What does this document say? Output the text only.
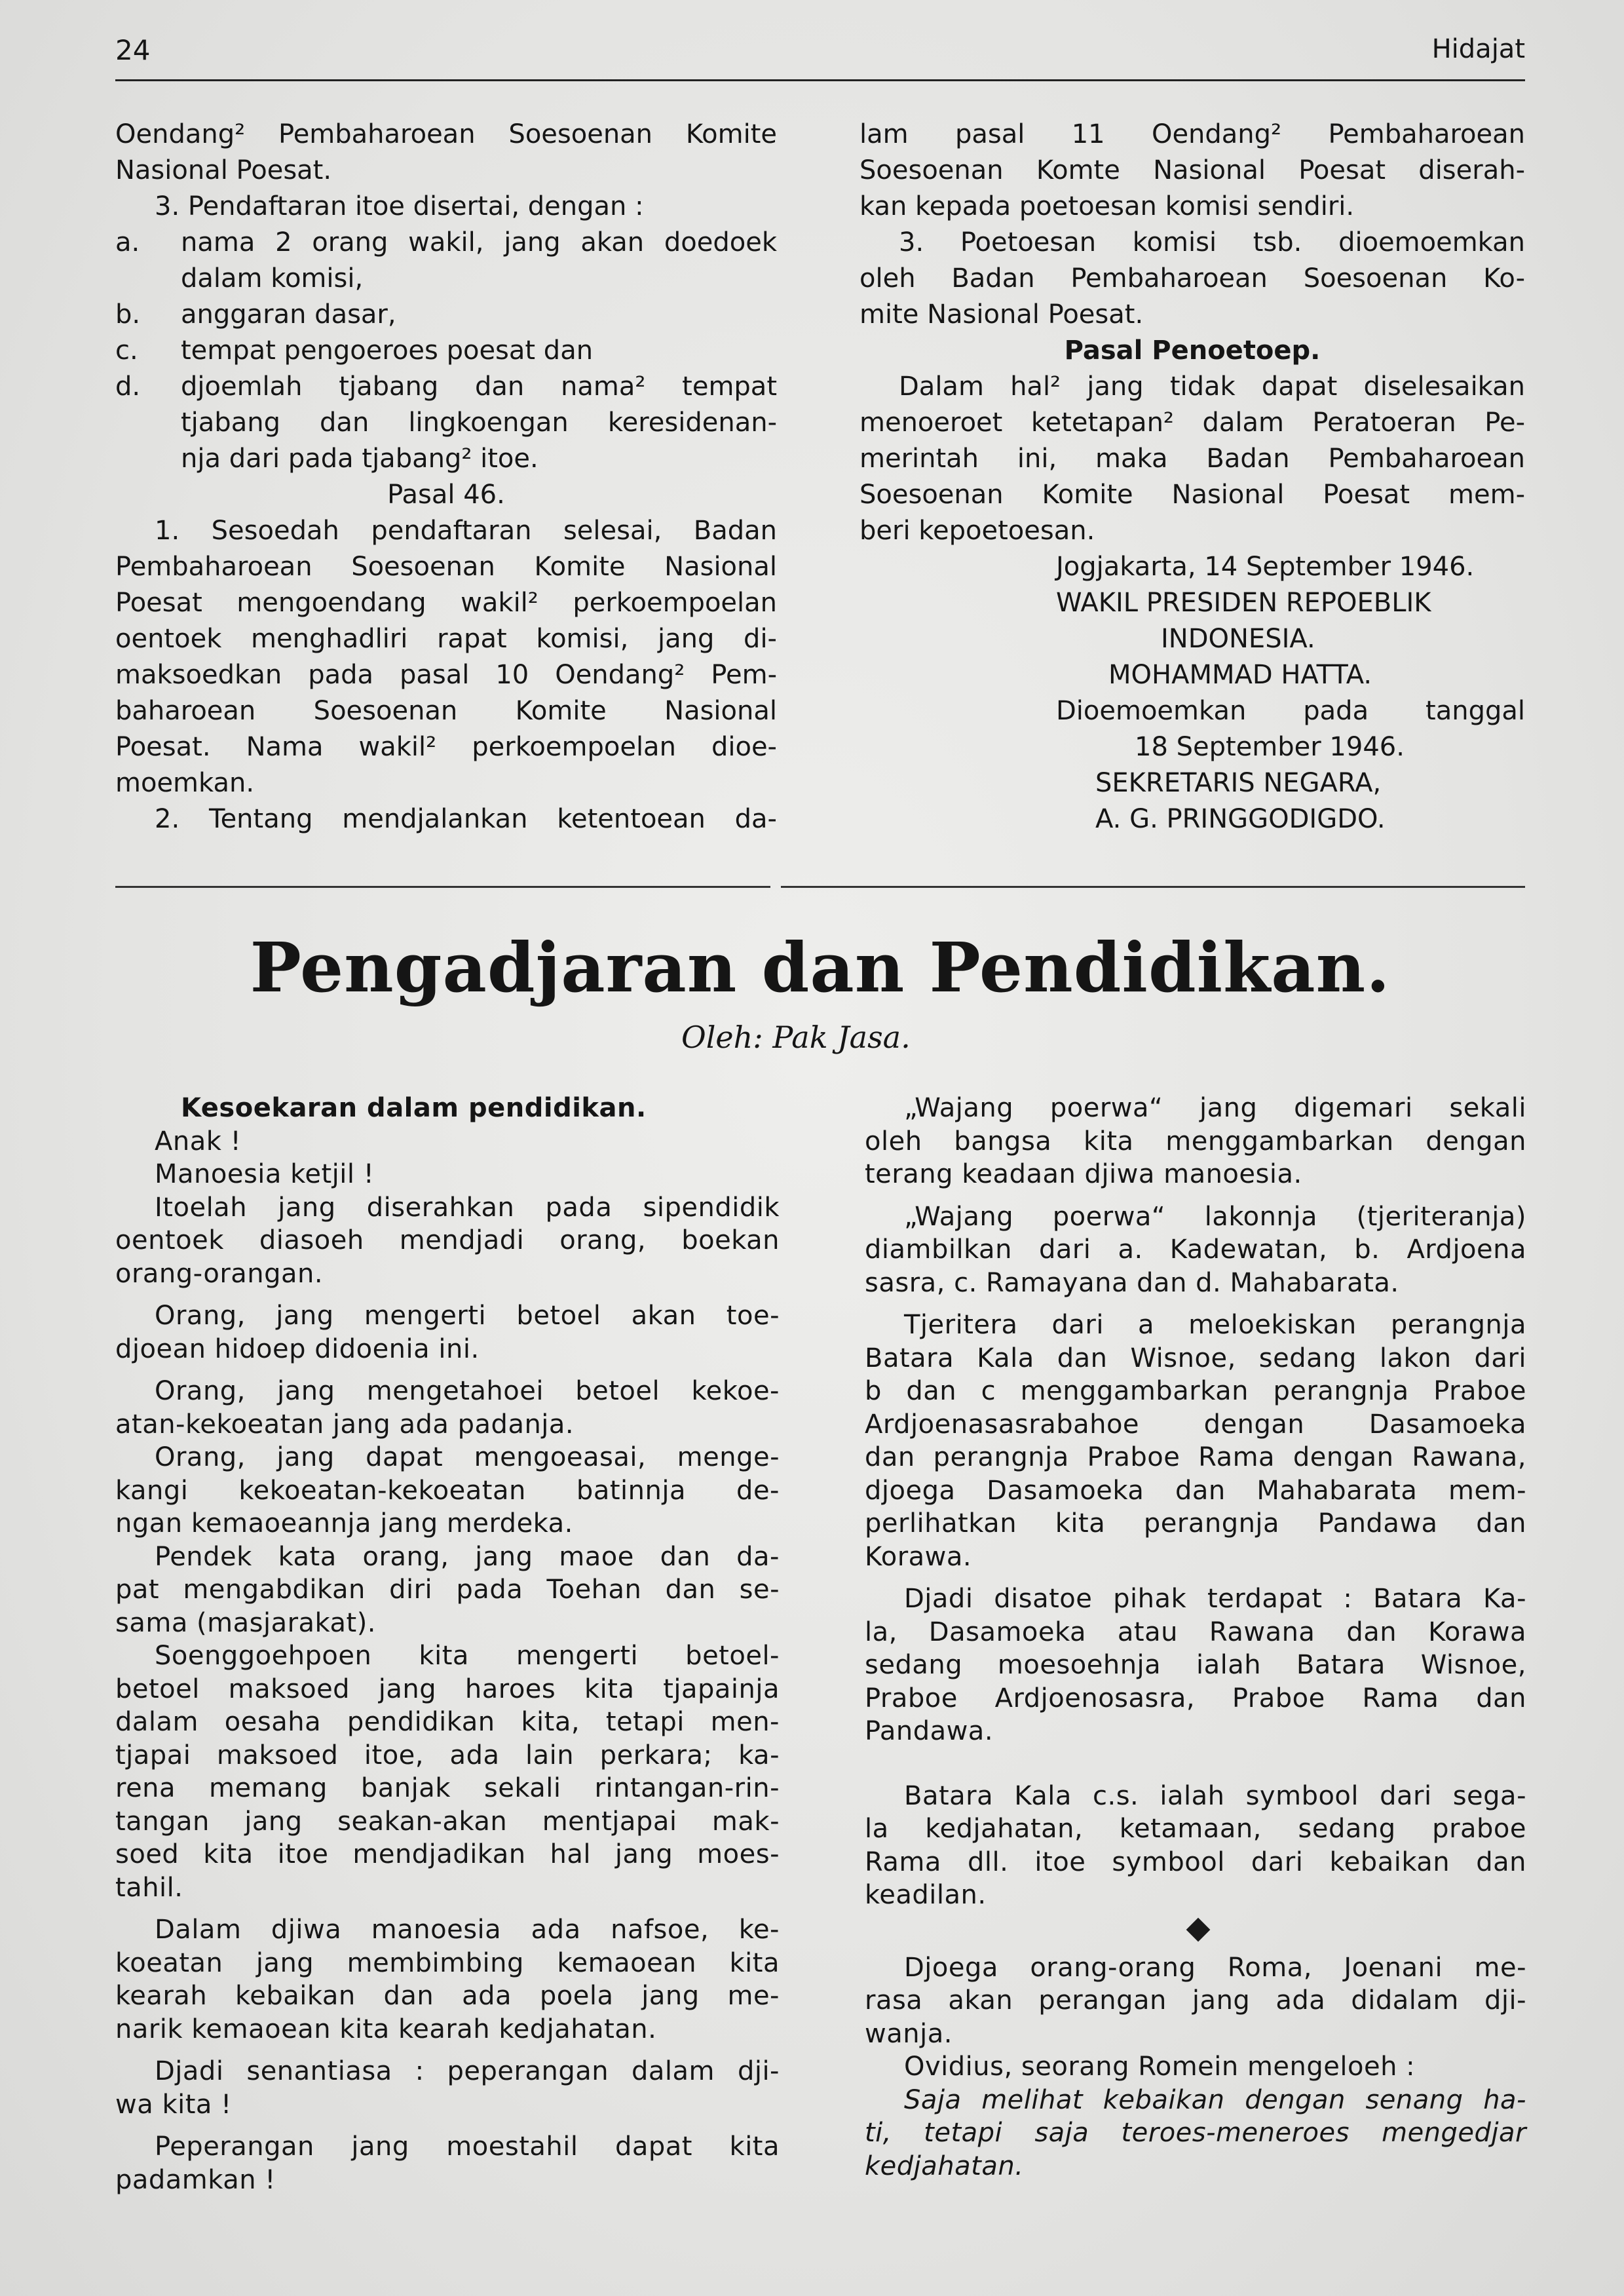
24	Hidajat
Oendang² Pembaharoean Soesoenan Komite
Nasional Poesat.
3. Pendaftaran itoe disertai, dengan :
a.	nama 2 orang wakil, jang akan doedoek
dalam komisi,
b.	anggaran dasar,
c.	tempat pengoeroes poesat dan
d.	djoemlah tjabang dan nama² tempat
tjabang dan lingkoengan keresidenan-
nja dari pada tjabang² itoe.
Pasal 46.
1. Sesoedah pendaftaran selesai, Badan
Pembaharoean Soesoenan Komite Nasional
Poesat mengoendang wakil² perkoempoelan
oentoek menghadliri rapat komisi, jang di-
maksoedkan pada pasal 10 Oendang² Pem-
baharoean Soesoenan Komite Nasional
Poesat. Nama wakil² perkoempoelan dioe-
moemkan.
2. Tentang mendjalankan ketentoean da-
lam pasal 11 Oendang² Pembaharoean
Soesoenan Komte Nasional Poesat diserah-
kan kepada poetoesan komisi sendiri.
3. Poetoesan komisi tsb. dioemoemkan
oleh Badan Pembaharoean Soesoenan Ko-
mite Nasional Poesat.
Pasal Penoetoep.
Dalam hal² jang tidak dapat diselesaikan
menoeroet ketetapan² dalam Peratoeran Pe-
merintah ini, maka Badan Pembaharoean
Soesoenan Komite Nasional Poesat mem-
beri kepoetoesan.
Jogjakarta, 14 September 1946.
WAKIL PRESIDEN REPOEBLIK
INDONESIA.
MOHAMMAD HATTA.
Dioemoemkan pada tanggal
18 September 1946.
SEKRETARIS NEGARA,
A. G. PRINGGODIGDO.
Pengadjaran dan Pendidikan.
Oleh: Pak Jasa.
Kesoekaran dalam pendidikan.
Anak !
Manoesia ketjil !
Itoelah jang diserahkan pada sipendidik
oentoek diasoeh mendjadi orang, boekan
orang-orangan.
Orang, jang mengerti betoel akan toe-
djoean hidoep didoenia ini.
Orang, jang mengetahoei betoel kekoe-
atan-kekoeatan jang ada padanja.
Orang, jang dapat mengoeasai, menge-
kangi kekoeatan-kekoeatan batinnja de-
ngan kemaoeannja jang merdeka.
Pendek kata orang, jang maoe dan da-
pat mengabdikan diri pada Toehan dan se-
sama (masjarakat).
Soenggoehpoen kita mengerti betoel-
betoel maksoed jang haroes kita tjapainja
dalam oesaha pendidikan kita, tetapi men-
tjapai maksoed itoe, ada lain perkara; ka-
rena memang banjak sekali rintangan-rin-
tangan jang seakan-akan mentjapai mak-
soed kita itoe mendjadikan hal jang moes-
tahil.
Dalam djiwa manoesia ada nafsoe, ke-
koeatan jang membimbing kemaoean kita
kearah kebaikan dan ada poela jang me-
narik kemaoean kita kearah kedjahatan.
Djadi senantiasa : peperangan dalam dji-
wa kita !
Peperangan jang moestahil dapat kita
padamkan !
„Wajang poerwa“ jang digemari sekali
oleh bangsa kita menggambarkan dengan
terang keadaan djiwa manoesia.
„Wajang poerwa“ lakonnja (tjeriteranja)
diambilkan dari a. Kadewatan, b. Ardjoena
sasra, c. Ramayana dan d. Mahabarata.
Tjeritera dari a meloekiskan perangnja
Batara Kala dan Wisnoe, sedang lakon dari
b dan c menggambarkan perangnja Praboe
Ardjoenasasrabahoe dengan Dasamoeka
dan perangnja Praboe Rama dengan Rawana,
djoega Dasamoeka dan Mahabarata mem-
perlihatkan kita perangnja Pandawa dan
Korawa.
Djadi disatoe pihak terdapat : Batara Ka-
la, Dasamoeka atau Rawana dan Korawa
sedang moesoehnja ialah Batara Wisnoe,
Praboe Ardjoenosasra, Praboe Rama dan
Pandawa.
Batara Kala c.s. ialah symbool dari sega-
la kedjahatan, ketamaan, sedang praboe
Rama dll. itoe symbool dari kebaikan dan
keadilan.
Djoega orang-orang Roma, Joenani me-
rasa akan perangan jang ada didalam dji-
wanja.
Ovidius, seorang Romein mengeloeh :
Saja melihat kebaikan dengan senang ha-
ti, tetapi saja teroes-meneroes mengedjar
kedjahatan.
